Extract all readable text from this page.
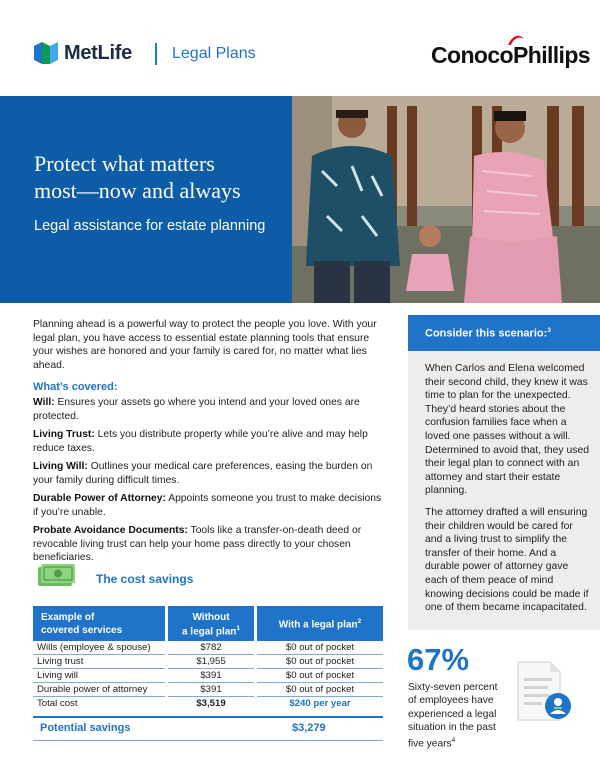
MetLife	Legal Plans	ConocoPhillips
Protect what matters
most—now and always
Legal assistance for estate planning
Planning ahead is a powerful way to protect the people you love. With your legal plan, you have access to essential estate planning tools that ensure your wishes are honored and your family is cared for, no matter what lies ahead.
What’s covered:
Will: Ensures your assets go where you intend and your loved ones are protected.
Living Trust: Lets you distribute property while you’re alive and may help reduce taxes.
Living Will: Outlines your medical care preferences, easing the burden on your family during difficult times.
Durable Power of Attorney: Appoints someone you trust to make decisions if you’re unable.
Probate Avoidance Documents: Tools like a transfer-on-death deed or revocable living trust can help your home pass directly to your chosen beneficiaries.
The cost savings
Example of
covered services
Without
a legal plan$^1$	With a legal plan$^2$
Wills (employee & spouse)	$782	$0 out of pocket
Living trust	$1,955	$0 out of pocket
Living will	$391	$0 out of pocket
Durable power of attorney	$391	$0 out of pocket
Total cost	$3,519	$240 per year
Potential savings	$3,279
Consider this scenario:$^3$

When Carlos and Elena welcomed their second child, they knew it was time to plan for the unexpected. They’d heard stories about the confusion families face when a loved one passes without a will. Determined to avoid that, they used their legal plan to connect with an attorney and start their estate planning.

The attorney drafted a will ensuring their children would be cared for and a living trust to simplify the transfer of their home. And a durable power of attorney gave each of them peace of mind knowing decisions could be made if one of them became incapacitated.

67%
Sixty-seven percent of employees have experienced a legal situation in the past five years$^4$
